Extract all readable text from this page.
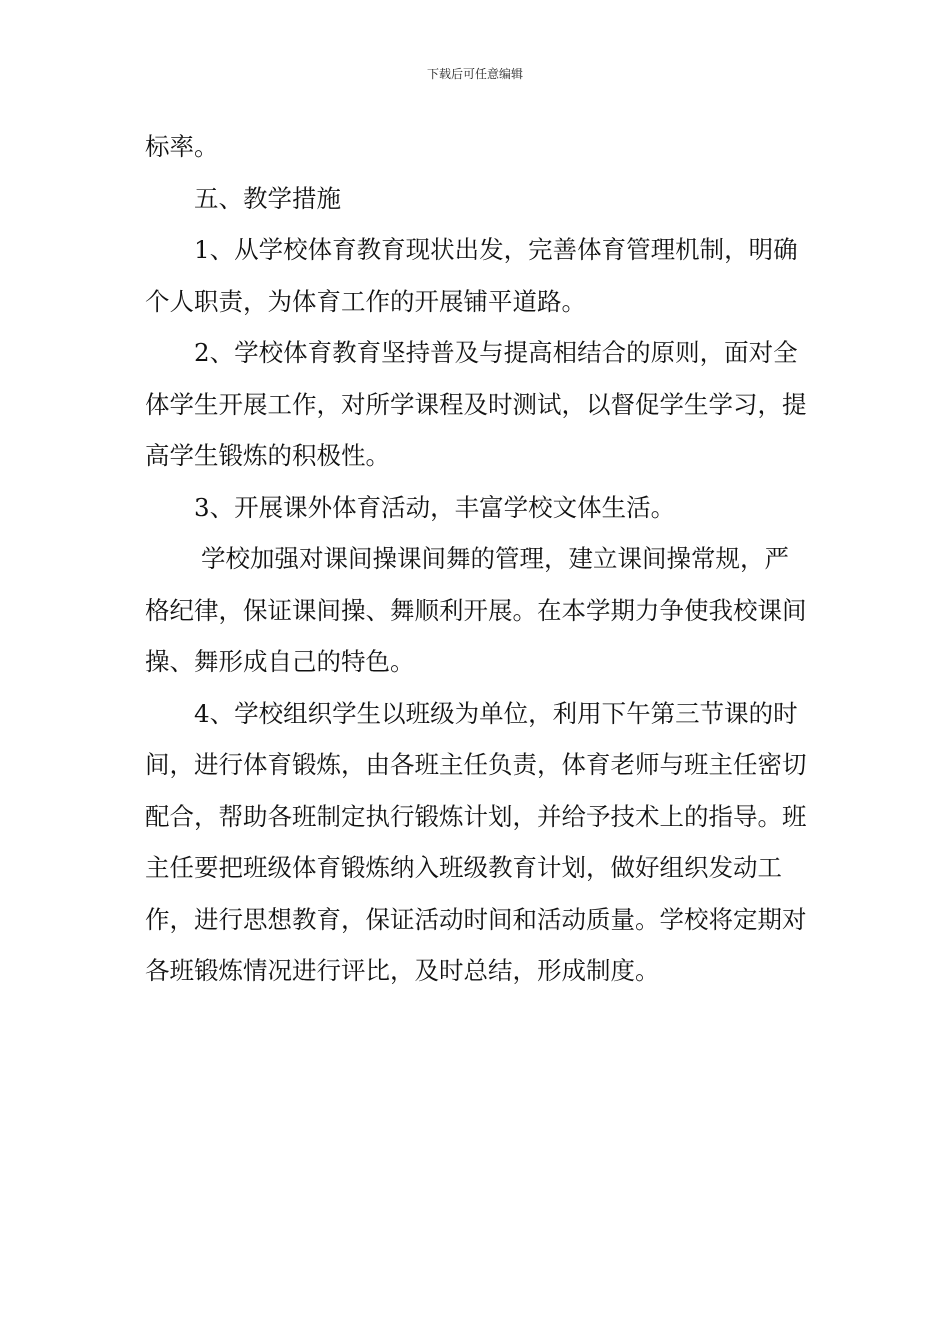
下载后可任意编辑

标率。

五、教学措施

1、从学校体育教育现状出发，完善体育管理机制，明确个人职责，为体育工作的开展铺平道路。

2、学校体育教育坚持普及与提高相结合的原则，面对全体学生开展工作，对所学课程及时测试，以督促学生学习，提高学生锻炼的积极性。

3、开展课外体育活动，丰富学校文体生活。

学校加强对课间操课间舞的管理，建立课间操常规，严格纪律，保证课间操、舞顺利开展。在本学期力争使我校课间操、舞形成自己的特色。

4、学校组织学生以班级为单位，利用下午第三节课的时间，进行体育锻炼，由各班主任负责，体育老师与班主任密切配合，帮助各班制定执行锻炼计划，并给予技术上的指导。班主任要把班级体育锻炼纳入班级教育计划，做好组织发动工作，进行思想教育，保证活动时间和活动质量。学校将定期对各班锻炼情况进行评比，及时总结，形成制度。
